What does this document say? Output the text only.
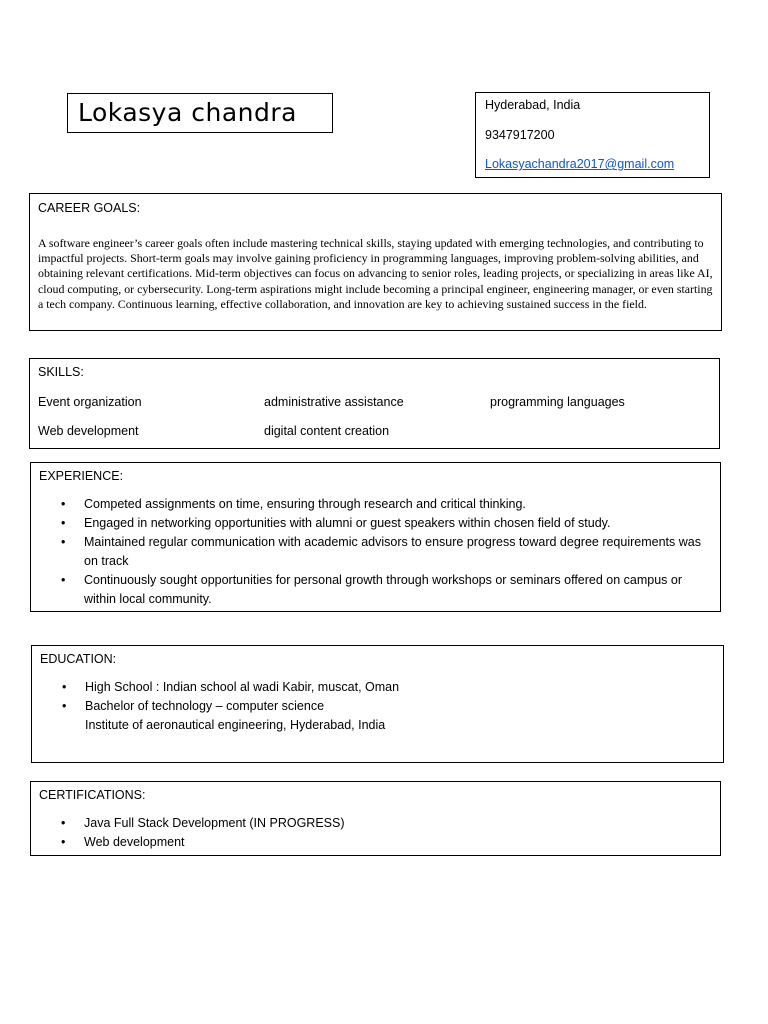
Lokasya chandra	Hyderabad, India
9347917200
Lokasyachandra2017@gmail.com
CAREER GOALS:
A software engineer’s career goals often include mastering technical skills, staying updated with emerging technologies, and contributing to impactful projects. Short-term goals may involve gaining proficiency in programming languages, improving problem-solving abilities, and obtaining relevant certifications. Mid-term objectives can focus on advancing to senior roles, leading projects, or specializing in areas like AI, cloud computing, or cybersecurity. Long-term aspirations might include becoming a principal engineer, engineering manager, or even starting a tech company. Continuous learning, effective collaboration, and innovation are key to achieving sustained success in the field.
SKILLS:
Event organization	administrative assistance	programming languages
Web development	digital content creation
EXPERIENCE:
• Competed assignments on time, ensuring through research and critical thinking.
• Engaged in networking opportunities with alumni or guest speakers within chosen field of study.
• Maintained regular communication with academic advisors to ensure progress toward degree requirements was on track
• Continuously sought opportunities for personal growth through workshops or seminars offered on campus or within local community.
EDUCATION:
• High School : Indian school al wadi Kabir, muscat, Oman
• Bachelor of technology – computer science
Institute of aeronautical engineering, Hyderabad, India
CERTIFICATIONS:
• Java Full Stack Development (IN PROGRESS)
• Web development
